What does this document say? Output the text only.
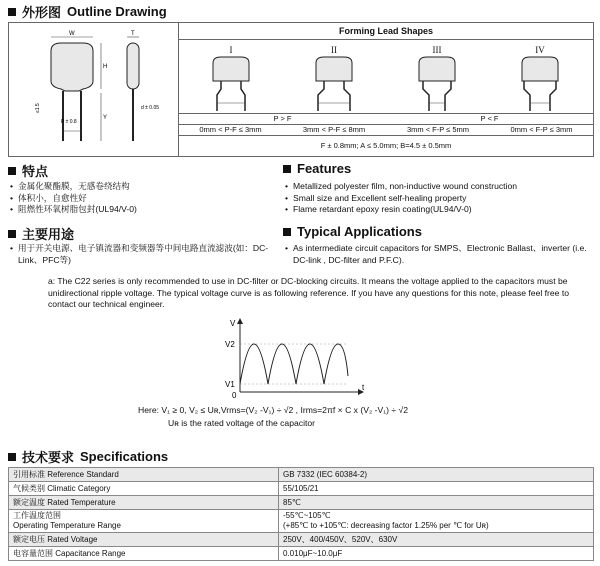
外形图 Outline Drawing
W
H
Y
P ± 0.8
≤1.5
T
d ± 0.05
Forming Lead Shapes
I	II	III	IV
P > F	P < F
0mm < P-F ≤ 3mm	3mm < P-F ≤ 8mm	3mm < F-P ≤ 5mm	0mm < F-P ≤ 3mm
F ± 0.8mm; A ≤ 5.0mm; B=4.5 ± 0.5mm
特点
• 金属化聚酯膜，无感卷绕结构
• 体积小，自愈性好
• 阻燃性环氧树脂包封(UL94/V-0)
Features
• Metallized polyester film, non-inductive wound construction
• Small size and Excellent self-healing property
• Flame retardant epoxy resin coating(UL94/V-0)
主要用途
• 用于开关电源、电子镇流器和变频器等中间电路直流滤波(如：DC-Link、PFC等)
Typical Applications
• As intermediate circuit capacitors for SMPS、Electronic Ballast、inverter (i.e. DC-link , DC-filter and P.F.C).
a: The C22 series is only recommended to use in DC-filter or DC-blocking circuits. It means the voltage applied to the capacitors must be unidirectional ripple voltage. The typical voltage curve is as following reference. If you have any questions for this note, please feel free to contact our technical engineer.
V
V2
V1
0
t
Here: V₁ ≥ 0, V₂ ≤ Uʀ,Vrms=(V₂ -V₁) ÷ √2 , Irms=2πf × C x (V₂ -V₁) ÷ √2
Uʀ is the rated voltage of the capacitor
技术要求 Specifications
引用标准 Reference Standard	GB 7332 (IEC 60384-2)
气候类别 Climatic Category	55/105/21
额定温度 Rated Temperature	85℃
工作温度范围
Operating Temperature Range	-55℃~105℃
(+85℃ to +105℃: decreasing factor 1.25% per ℃ for Uʀ)
额定电压 Rated Voltage	250V、400/450V、520V、630V
电容量范围 Capacitance Range	0.010μF~10.0μF
